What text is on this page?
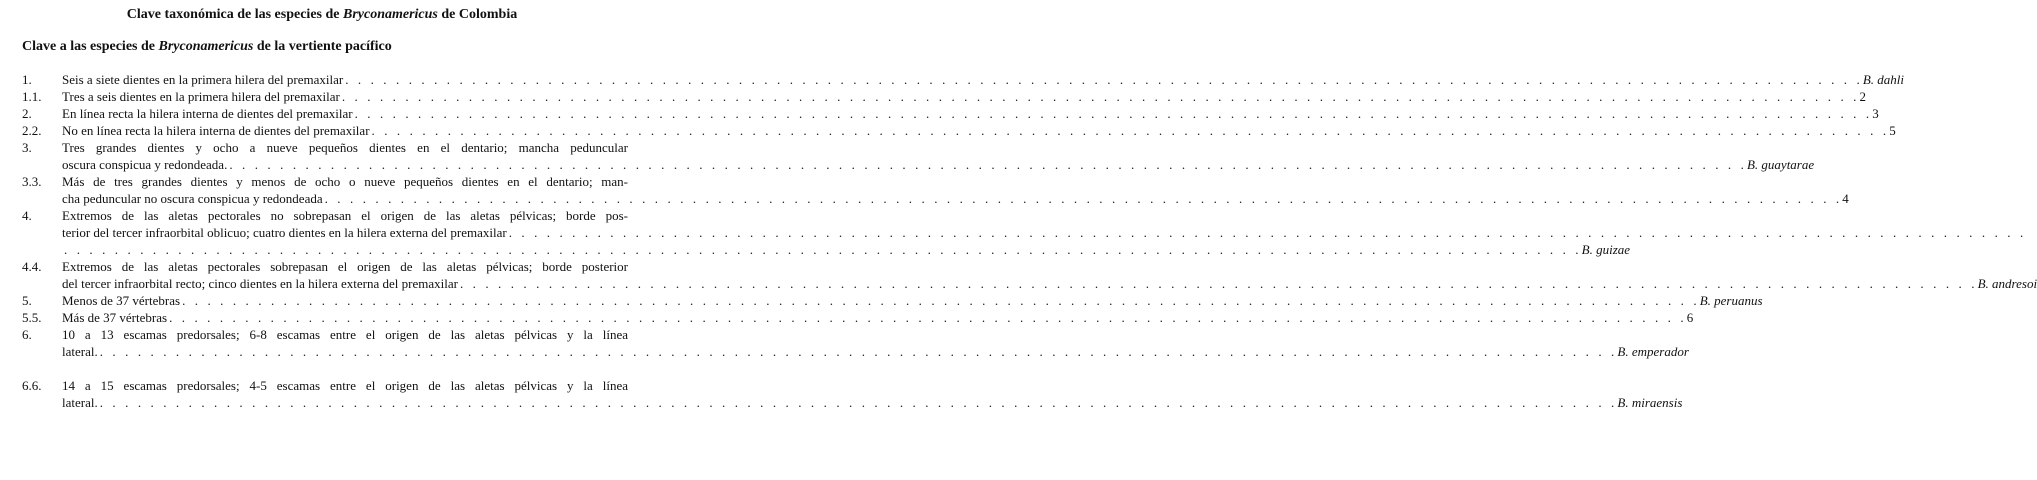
Clave taxonómica de las especies de Bryconamericus de Colombia
Clave a las especies de Bryconamericus de la vertiente pacífico
1. Seis a siete dientes en la primera hilera del premaxilar . . . . . . . . . . . . . . . . . . . . . . . . . . . . . . . . . . . . . . . . . . . . . . . . . . . . . . . . . . . . . . . . . . . . . . . . . . . . . . . . . . . . . . . . . . . . . . . . . . . . . . . . . . . . . . . . . . . . . . . . B. dahli
1.1. Tres a seis dientes en la primera hilera del premaxilar . . . . . . . . . . . . . . . . . . . . . . . . . . . . . . . . . . . . . . . . . . . . . . . . . . . . . . . . . . . . . . . . . . . . . . . . . . . . . . . . . . . . . . . . . . . . . . . . . . . . . . . . . . . . . . . . . . . . . . . . 2
2. En línea recta la hilera interna de dientes del premaxilar . . . . . . . . . . . . . . . . . . . . . . . . . . . . . . . . . . . . . . . . . . . . . . . . . . . . . . . . . . . . . . . . . . . . . . . . . . . . . . . . . . . . . . . . . . . . . . . . . . . . . . . . . . . . . . . . . . . . . . . . 3
2.2. No en línea recta la hilera interna de dientes del premaxilar . . . . . . . . . . . . . . . . . . . . . . . . . . . . . . . . . . . . . . . . . . . . . . . . . . . . . . . . . . . . . . . . . . . . . . . . . . . . . . . . . . . . . . . . . . . . . . . . . . . . . . . . . . . . . . . . . . . . . . . . 5
3. Tres grandes dientes y ocho a nueve pequeños dientes en el dentario; mancha peduncular
oscura conspicua y redondeada. . . . . . . . . . . . . . . . . . . . . . . . . . . . . . . . . . . . . . . . . . . . . . . . . . . . . . . . . . . . . . . . . . . . . . . . . . . . . . . . . . . . . . . . . . . . . . . . . . . . . . . . . . . . . . . . . . . . . . . . . B. guaytarae
3.3. Más de tres grandes dientes y menos de ocho o nueve pequeños dientes en el dentario; man-
cha peduncular no oscura conspicua y redondeada . . . . . . . . . . . . . . . . . . . . . . . . . . . . . . . . . . . . . . . . . . . . . . . . . . . . . . . . . . . . . . . . . . . . . . . . . . . . . . . . . . . . . . . . . . . . . . . . . . . . . . . . . . . . . . . . . . . . . . . . 4
4. Extremos de las aletas pectorales no sobrepasan el origen de las aletas pélvicas; borde pos-
terior del tercer infraorbital oblicuo; cuatro dientes en la hilera externa del premaxilar . . . . . . . . . . . . . . . . . . . . . . . . . . . . . . . . . . . . . . . . . . . . . . . . . . . . . . . . . . . . . . . . . . . . . . . . . . . . . . . . . . . . . . . . . . . . . . . . . . . . . . . . . . . . . . . . . . . . . . . .
. . . . . . . . . . . . . . . . . . . . . . . . . . . . . . . . . . . . . . . . . . . . . . . . . . . . . . . . . . . . . . . . . . . . . . . . . . . . . . . . . . . . . . . . . . . . . . . . . . . . . . . . . . . . . . . . . . . . . . . . B. guizae
4.4. Extremos de las aletas pectorales sobrepasan el origen de las aletas pélvicas; borde posterior
del tercer infraorbital recto; cinco dientes en la hilera externa del premaxilar . . . . . . . . . . . . . . . . . . . . . . . . . . . . . . . . . . . . . . . . . . . . . . . . . . . . . . . . . . . . . . . . . . . . . . . . . . . . . . . . . . . . . . . . . . . . . . . . . . . . . . . . . . . . . . . . . . . . . . . . B. andresoi
5. Menos de 37 vértebras . . . . . . . . . . . . . . . . . . . . . . . . . . . . . . . . . . . . . . . . . . . . . . . . . . . . . . . . . . . . . . . . . . . . . . . . . . . . . . . . . . . . . . . . . . . . . . . . . . . . . . . . . . . . . . . . . . . . . . . . B. peruanus
5.5. Más de 37 vértebras . . . . . . . . . . . . . . . . . . . . . . . . . . . . . . . . . . . . . . . . . . . . . . . . . . . . . . . . . . . . . . . . . . . . . . . . . . . . . . . . . . . . . . . . . . . . . . . . . . . . . . . . . . . . . . . . . . . . . . . . 6
6. 10 a 13 escamas predorsales; 6-8 escamas entre el origen de las aletas pélvicas y la línea
lateral. . . . . . . . . . . . . . . . . . . . . . . . . . . . . . . . . . . . . . . . . . . . . . . . . . . . . . . . . . . . . . . . . . . . . . . . . . . . . . . . . . . . . . . . . . . . . . . . . . . . . . . . . . . . . . . . . . . . . . . . . B. emperador
6.6. 14 a 15 escamas predorsales; 4-5 escamas entre el origen de las aletas pélvicas y la línea
lateral. . . . . . . . . . . . . . . . . . . . . . . . . . . . . . . . . . . . . . . . . . . . . . . . . . . . . . . . . . . . . . . . . . . . . . . . . . . . . . . . . . . . . . . . . . . . . . . . . . . . . . . . . . . . . . . . . . . . . . . . . B. miraensis
